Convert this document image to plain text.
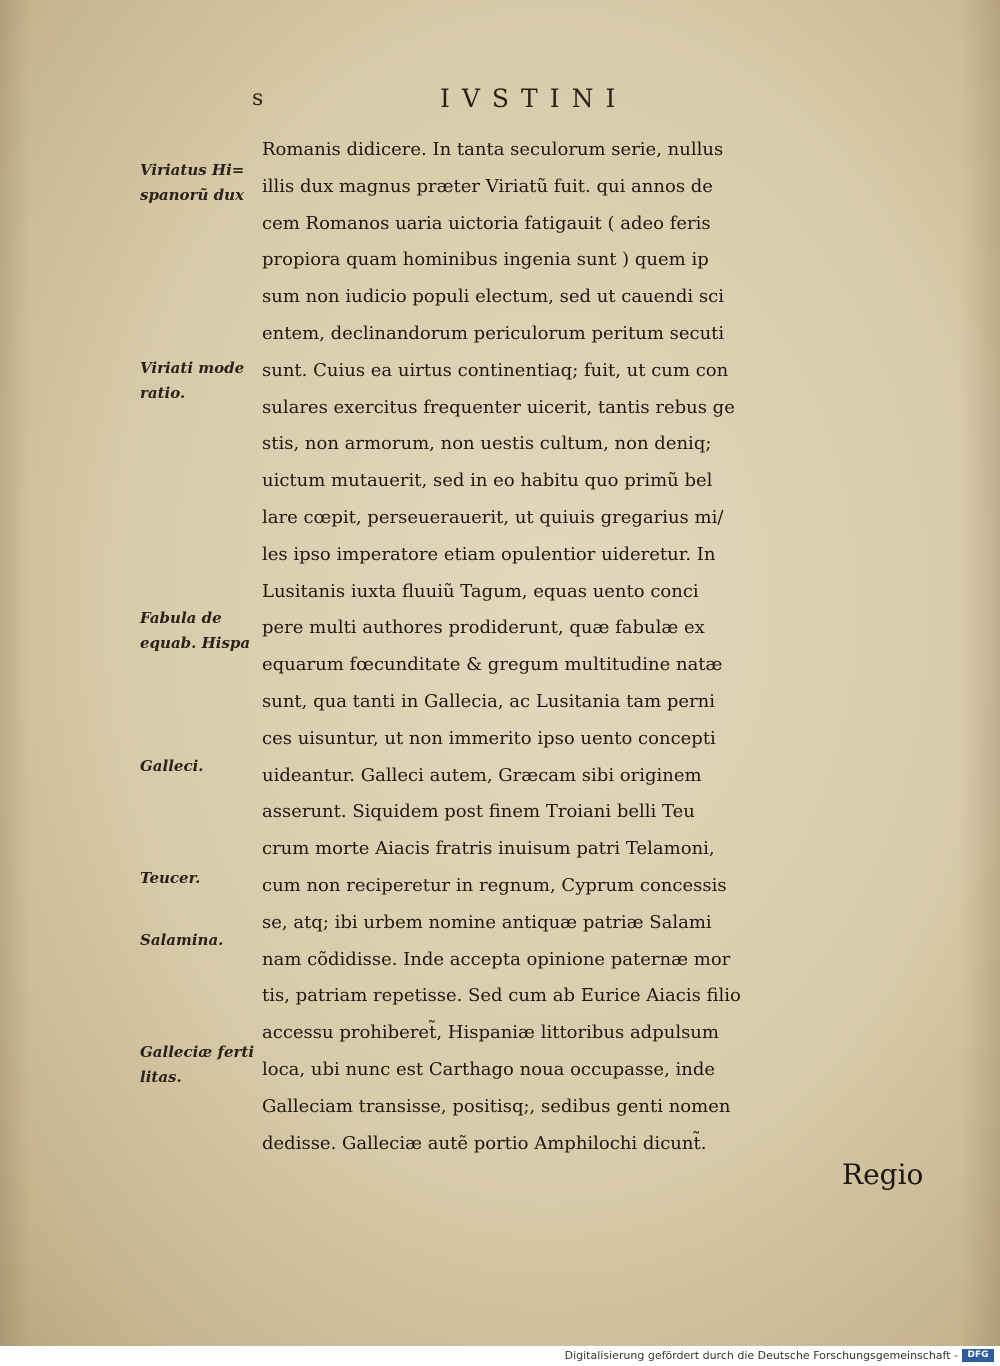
s	IVSTINI
Viriatus Hi= spanorũ dux
Viriati mode ratio.
Fabula de equab. Hispa
Galleci.
Teucer.
Salamina.
Galleciæ ferti litas.
Romanis didicere. In tanta seculorum serie, nullus
illis dux magnus præter Viriatũ fuit. qui annos de
cem Romanos uaria uictoria fatigauit ( adeo feris
propiora quam hominibus ingenia sunt ) quem ip
sum non iudicio populi electum, sed ut cauendi sci
entem, declinandorum periculorum peritum secuti
sunt. Cuius ea uirtus continentiaq; fuit, ut cum con
sulares exercitus frequenter uicerit, tantis rebus ge
stis, non armorum, non uestis cultum, non deniq;
uictum mutauerit, sed in eo habitu quo primũ bel
lare cœpit, perseuerauerit, ut quiuis gregarius mi/
les ipso imperatore etiam opulentior uideretur. In
Lusitanis iuxta fluuiũ Tagum, equas uento conci
pere multi authores prodiderunt, quæ fabulæ ex
equarum fœcunditate & gregum multitudine natæ
sunt, qua tanti in Gallecia, ac Lusitania tam perni
ces uisuntur, ut non immerito ipso uento concepti
uideantur. Galleci autem, Græcam sibi originem
asserunt. Siquidem post finem Troiani belli Teu
crum morte Aiacis fratris inuisum patri Telamoni,
cum non reciperetur in regnum, Cyprum concessis
se, atq; ibi urbem nomine antiquæ patriæ Salami
nam cõdidisse. Inde accepta opinione paternæ mor
tis, patriam repetisse. Sed cum ab Eurice Aiacis filio
accessu prohiberet̃, Hispaniæ littoribus adpulsum
loca, ubi nunc est Carthago noua occupasse, inde
Galleciam transisse, positisq;, sedibus genti nomen
dedisse. Galleciæ autẽ portio Amphilochi dicunt̃.
Regio
Digitalisierung gefördert durch die Deutsche Forschungsgemeinschaft -	DFG
